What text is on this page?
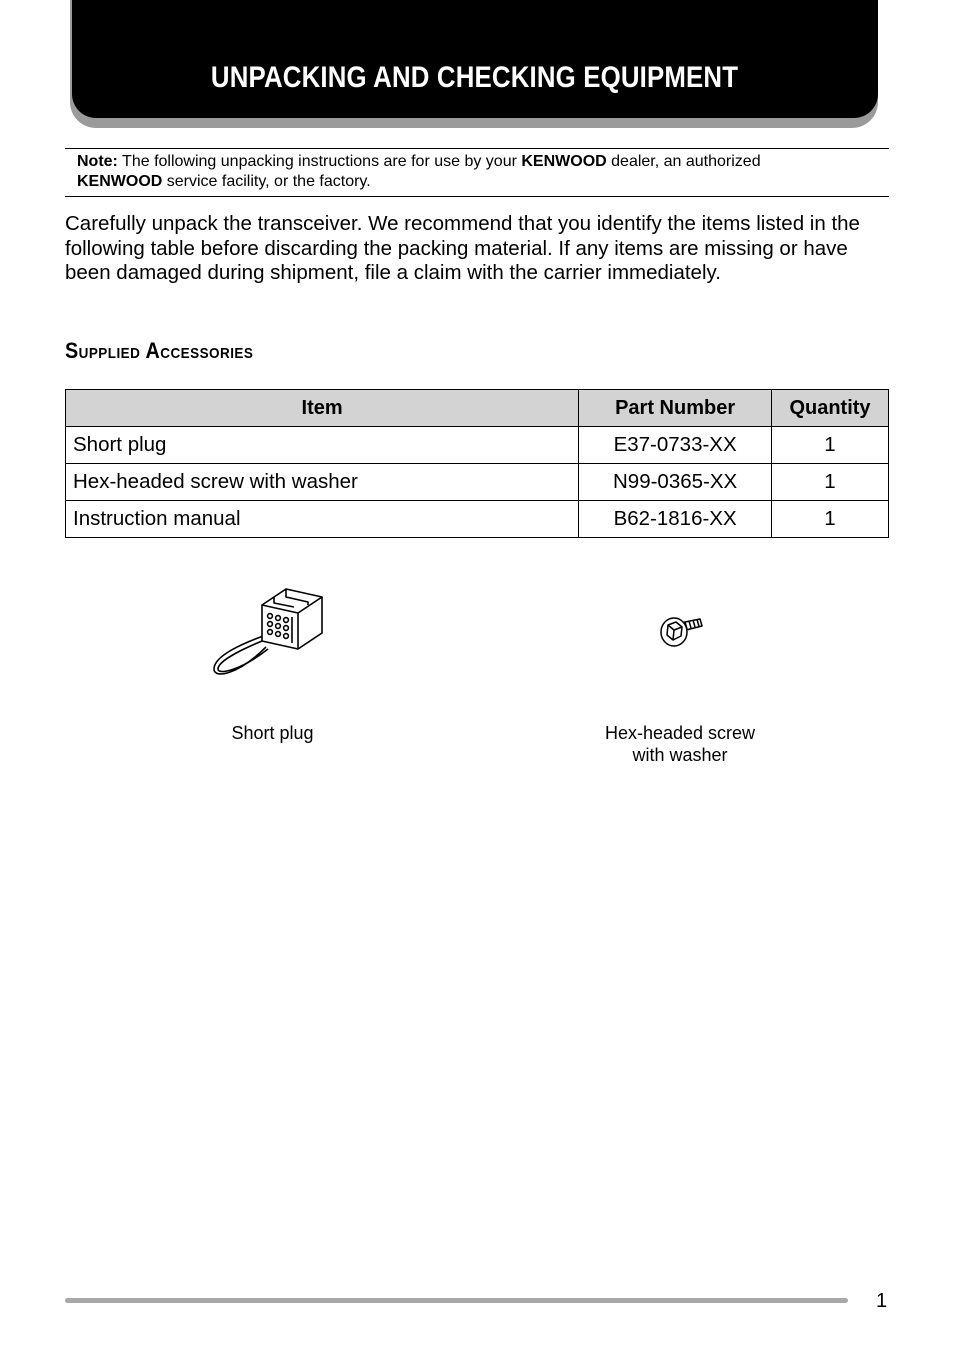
UNPACKING AND CHECKING EQUIPMENT
Note: The following unpacking instructions are for use by your KENWOOD dealer, an authorized
KENWOOD service facility, or the factory.
Carefully unpack the transceiver. We recommend that you identify the items listed in the following table before discarding the packing material. If any items are missing or have been damaged during shipment, file a claim with the carrier immediately.
Supplied Accessories
Item	Part Number	Quantity
Short plug	E37-0733-XX	1
Hex-headed screw with washer	N99-0365-XX	1
Instruction manual	B62-1816-XX	1
Short plug	Hex-headed screw
with washer
1
